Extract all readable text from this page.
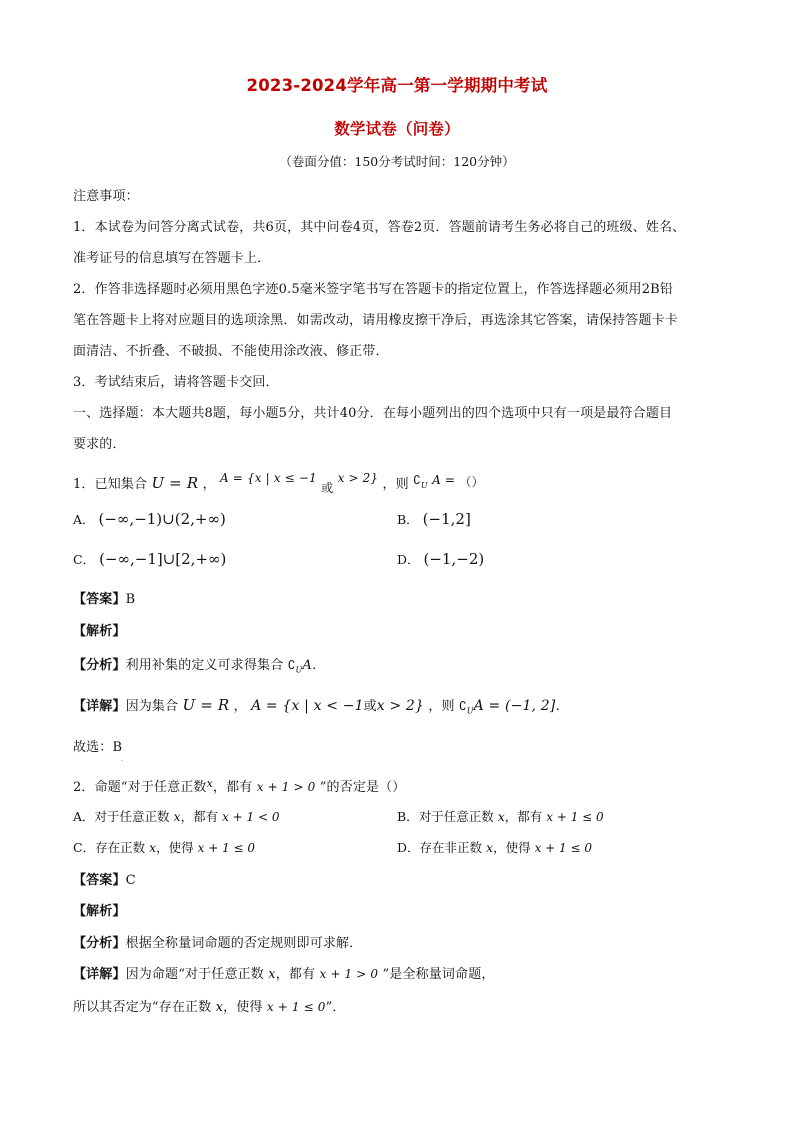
2023-2024学年高一第一学期期中考试
数学试卷（问卷）
（卷面分值：150分考试时间：120分钟）
注意事项：
1．本试卷为问答分离式试卷，共6页，其中问卷4页，答卷2页．答题前请考生务必将自己的班级、姓名、
准考证号的信息填写在答题卡上．
2．作答非选择题时必须用黑色字迹0.5毫米签字笔书写在答题卡的指定位置上，作答选择题必须用2B铅
笔在答题卡上将对应题目的选项涂黑．如需改动，请用橡皮擦干净后，再选涂其它答案，请保持答题卡卡
面清洁、不折叠、不破损、不能使用涂改液、修正带．
3．考试结束后，请将答题卡交回．
一、选择题：本大题共8题，每小题5分，共计40分．在每小题列出的四个选项中只有一项是最符合题目
要求的．
1．已知集合 U = R ， A = {x | x ≤ −1 或 x > 2} ，则 $∁_U$ A = （）
A． (−∞,−1)∪(2,+∞)	B． (−1,2]
C． (−∞,−1]∪[2,+∞)	D． (−1,−2)
【答案】B
【解析】
【分析】利用补集的定义可求得集合 $∁_UA$．
【详解】因为集合 U = R ， A = {x | x < −1或x > 2} ，则 $∁_UA = (-1$, 2]．
故选：B
·
2．命题“对于任意正数$^x$，都有 x + 1 > 0 ”的否定是（）
A．对于任意正数 x，都有 x + 1 < 0	B．对于任意正数 x，都有 x + 1 ≤ 0
C．存在正数 x，使得 x + 1 ≤ 0	D．存在非正数 x，使得 x + 1 ≤ 0
【答案】C
【解析】
【分析】根据全称量词命题的否定规则即可求解．
【详解】因为命题“对于任意正数 x，都有 x + 1 > 0 ”是全称量词命题，
所以其否定为“存在正数 x，使得 x + 1 ≤ 0”．
